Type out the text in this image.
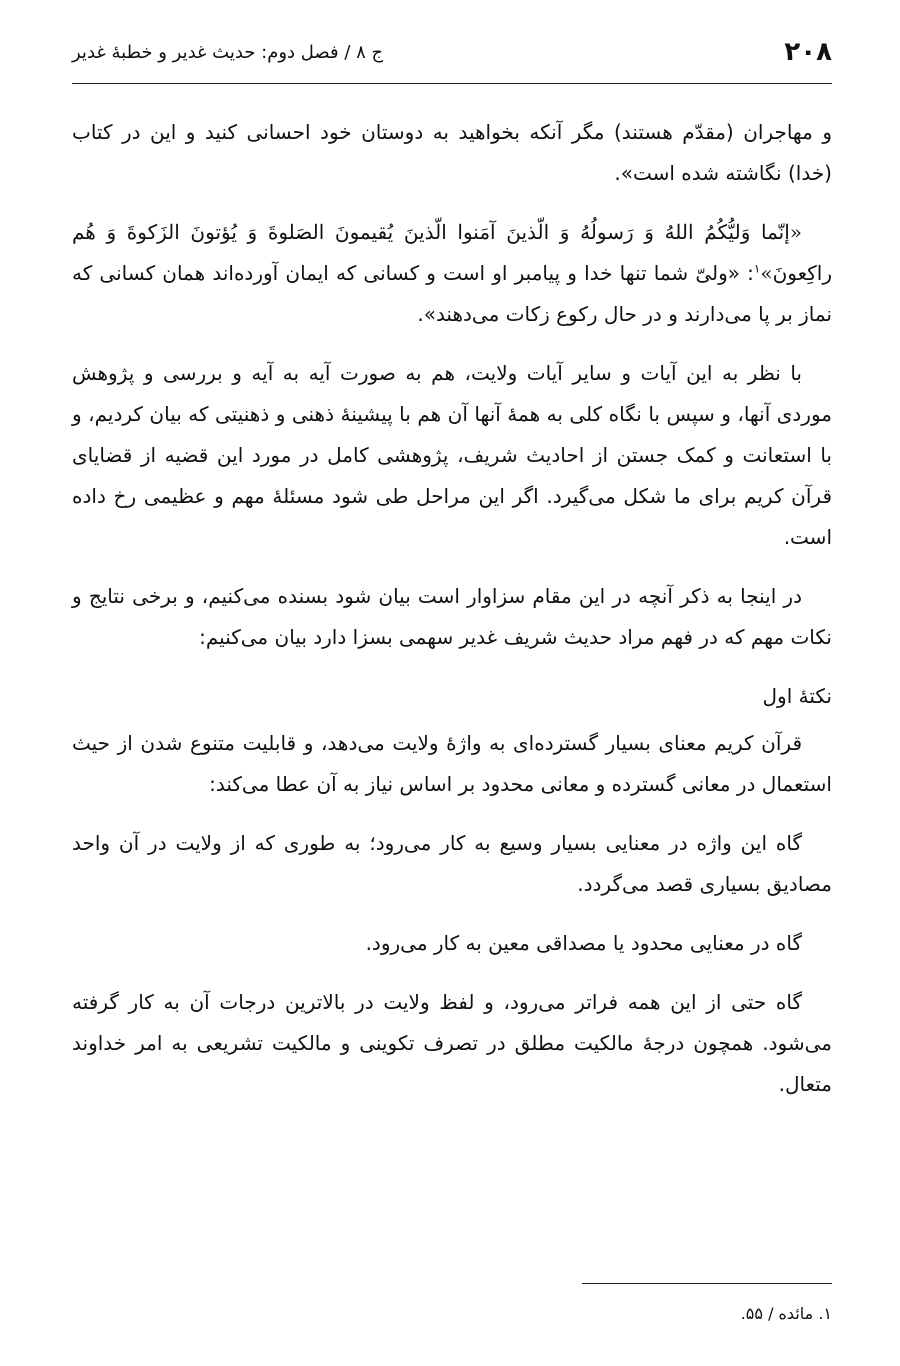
۲۰۸
ج ۸ / فصل دوم: حدیث غدیر و خطبهٔ غدیر

و مهاجران (مقدّم هستند) مگر آنکه بخواهید به دوستان خود احسانی کنید و این در کتاب (خدا) نگاشته شده است».

«إنّما وَلیُّکُمُ اللهُ وَ رَسولُهُ وَ الّذینَ آمَنوا الّذینَ یُقیمونَ الصَلوةَ وَ یُؤتونَ الزَکوةَ وَ هُم راکِعونَ»$^۱$: «ولیّ شما تنها خدا و پیامبر او است و کسانی که ایمان آورده‌اند همان کسانی که نماز بر پا می‌دارند و در حال رکوع زکات می‌دهند».

با نظر به این آیات و سایر آیات ولایت، هم به صورت آیه به آیه و بررسی و پژوهش موردی آنها، و سپس با نگاه کلی به همهٔ آنها آن هم با پیشینهٔ ذهنی و ذهنیتی که بیان کردیم، و با استعانت و کمک جستن از احادیث شریف، پژوهشی کامل در مورد این قضیه از قضایای قرآن کریم برای ما شکل می‌گیرد. اگر این مراحل طی شود مسئلهٔ مهم و عظیمی رخ داده است.

در اینجا به ذکر آنچه در این مقام سزاوار است بیان شود بسنده می‌کنیم، و برخی نتایج و نکات مهم که در فهم مراد حدیث شریف غدیر سهمی بسزا دارد بیان می‌کنیم:

نکتهٔ اول

قرآن کریم معنای بسیار گسترده‌ای به واژهٔ ولایت می‌دهد، و قابلیت متنوع شدن از حیث استعمال در معانی گسترده و معانی محدود بر اساس نیاز به آن عطا می‌کند:

گاه این واژه در معنایی بسیار وسیع به کار می‌رود؛ به طوری که از ولایت در آن واحد مصادیق بسیاری قصد می‌گردد.

گاه در معنایی محدود یا مصداقی معین به کار می‌رود.

گاه حتی از این همه فراتر می‌رود، و لفظ ولایت در بالاترین درجات آن به کار گرفته می‌شود. همچون درجهٔ مالکیت مطلق در تصرف تکوینی و مالکیت تشریعی به امر خداوند متعال.

۱. مائده / ۵۵.
